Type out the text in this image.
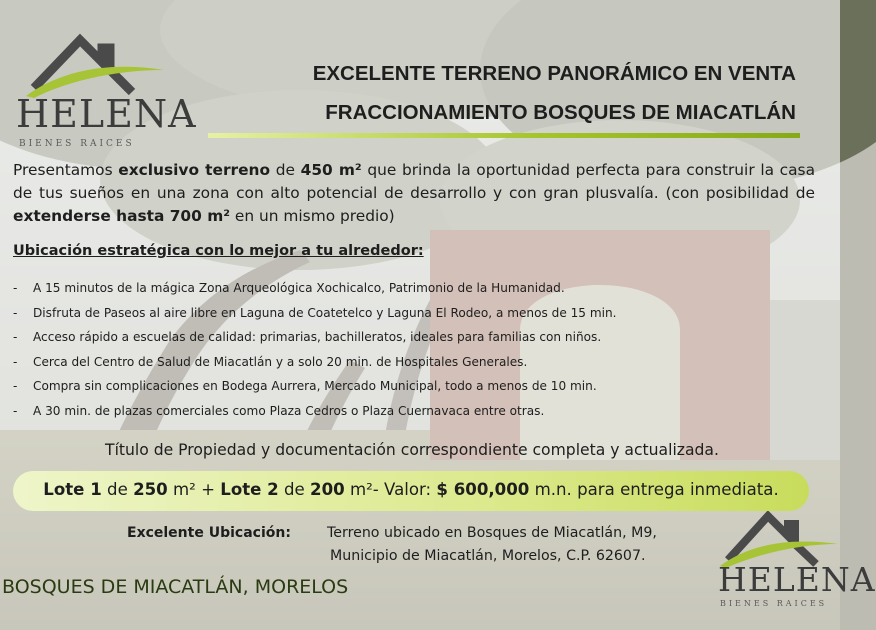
HELENA
BIENES RAICES
HELENA
BIENES RAICES
EXCELENTE TERRENO PANORÁMICO EN VENTA
FRACCIONAMIENTO BOSQUES DE MIACATLÁN
Presentamos exclusivo terreno de 450 m² que brinda la oportunidad perfecta para construir la casa de tus sueños en una zona con alto potencial de desarrollo y con gran plusvalía. (con posibilidad de extenderse hasta 700 m² en un mismo predio)
Ubicación estratégica con lo mejor a tu alrededor:
- A 15 minutos de la mágica Zona Arqueológica Xochicalco, Patrimonio de la Humanidad.
- Disfruta de Paseos al aire libre en Laguna de Coatetelco y Laguna El Rodeo, a menos de 15 min.
- Acceso rápido a escuelas de calidad: primarias, bachilleratos, ideales para familias con niños.
- Cerca del Centro de Salud de Miacatlán y a solo 20 min. de Hospitales Generales.
- Compra sin complicaciones en Bodega Aurrera, Mercado Municipal, todo a menos de 10 min.
- A 30 min. de plazas comerciales como Plaza Cedros o Plaza Cuernavaca entre otras.
Título de Propiedad y documentación correspondiente completa y actualizada.
Lote 1 de 250 m² + Lote 2 de 200 m²- Valor: $ 600,000 m.n. para entrega inmediata.
Excelente Ubicación:	Terreno ubicado en Bosques de Miacatlán, M9,
Municipio de Miacatlán, Morelos, C.P. 62607.
BOSQUES DE MIACATLÁN, MORELOS
